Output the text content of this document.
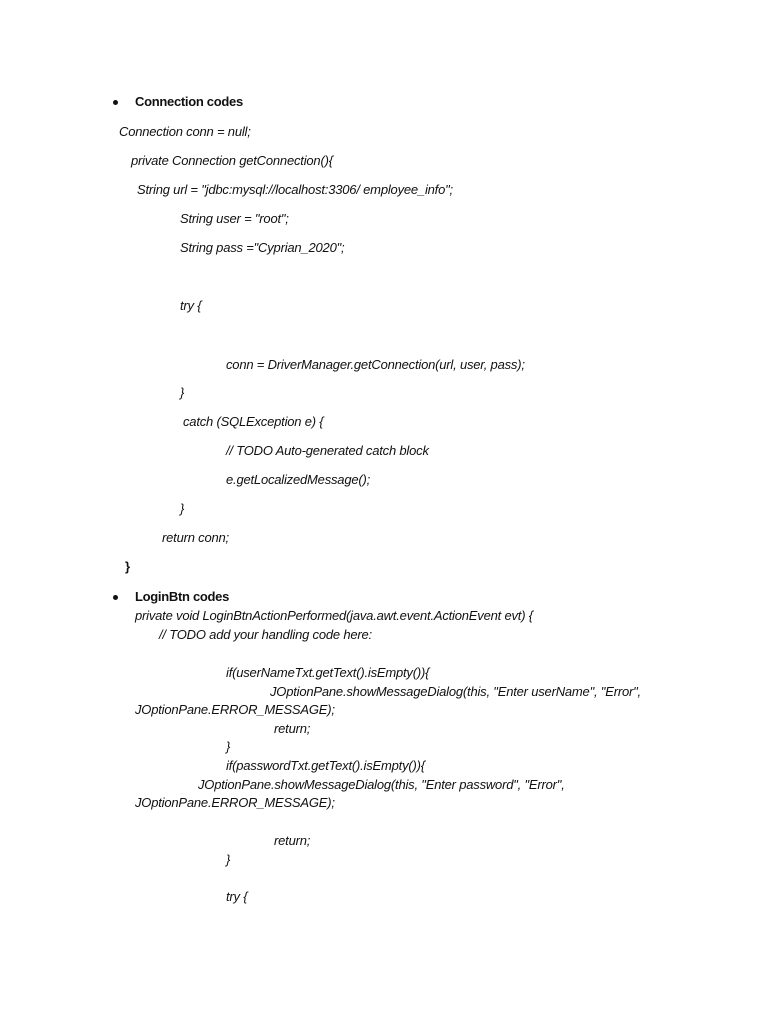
Connection codes
Connection conn = null;
private Connection getConnection(){
String url = "jdbc:mysql://localhost:3306/ employee_info";
String user = "root";
String pass ="Cyprian_2020";
try {
conn = DriverManager.getConnection(url, user, pass);
}
catch (SQLException e) {
// TODO Auto-generated catch block
e.getLocalizedMessage();
}
return conn;
}
LoginBtn codes
private void LoginBtnActionPerformed(java.awt.event.ActionEvent evt) {
// TODO add your handling code here:
if(userNameTxt.getText().isEmpty()){
JOptionPane.showMessageDialog(this, "Enter userName", "Error",
JOptionPane.ERROR_MESSAGE);
return;
}
if(passwordTxt.getText().isEmpty()){
JOptionPane.showMessageDialog(this, "Enter password", "Error",
JOptionPane.ERROR_MESSAGE);
return;
}
try {
